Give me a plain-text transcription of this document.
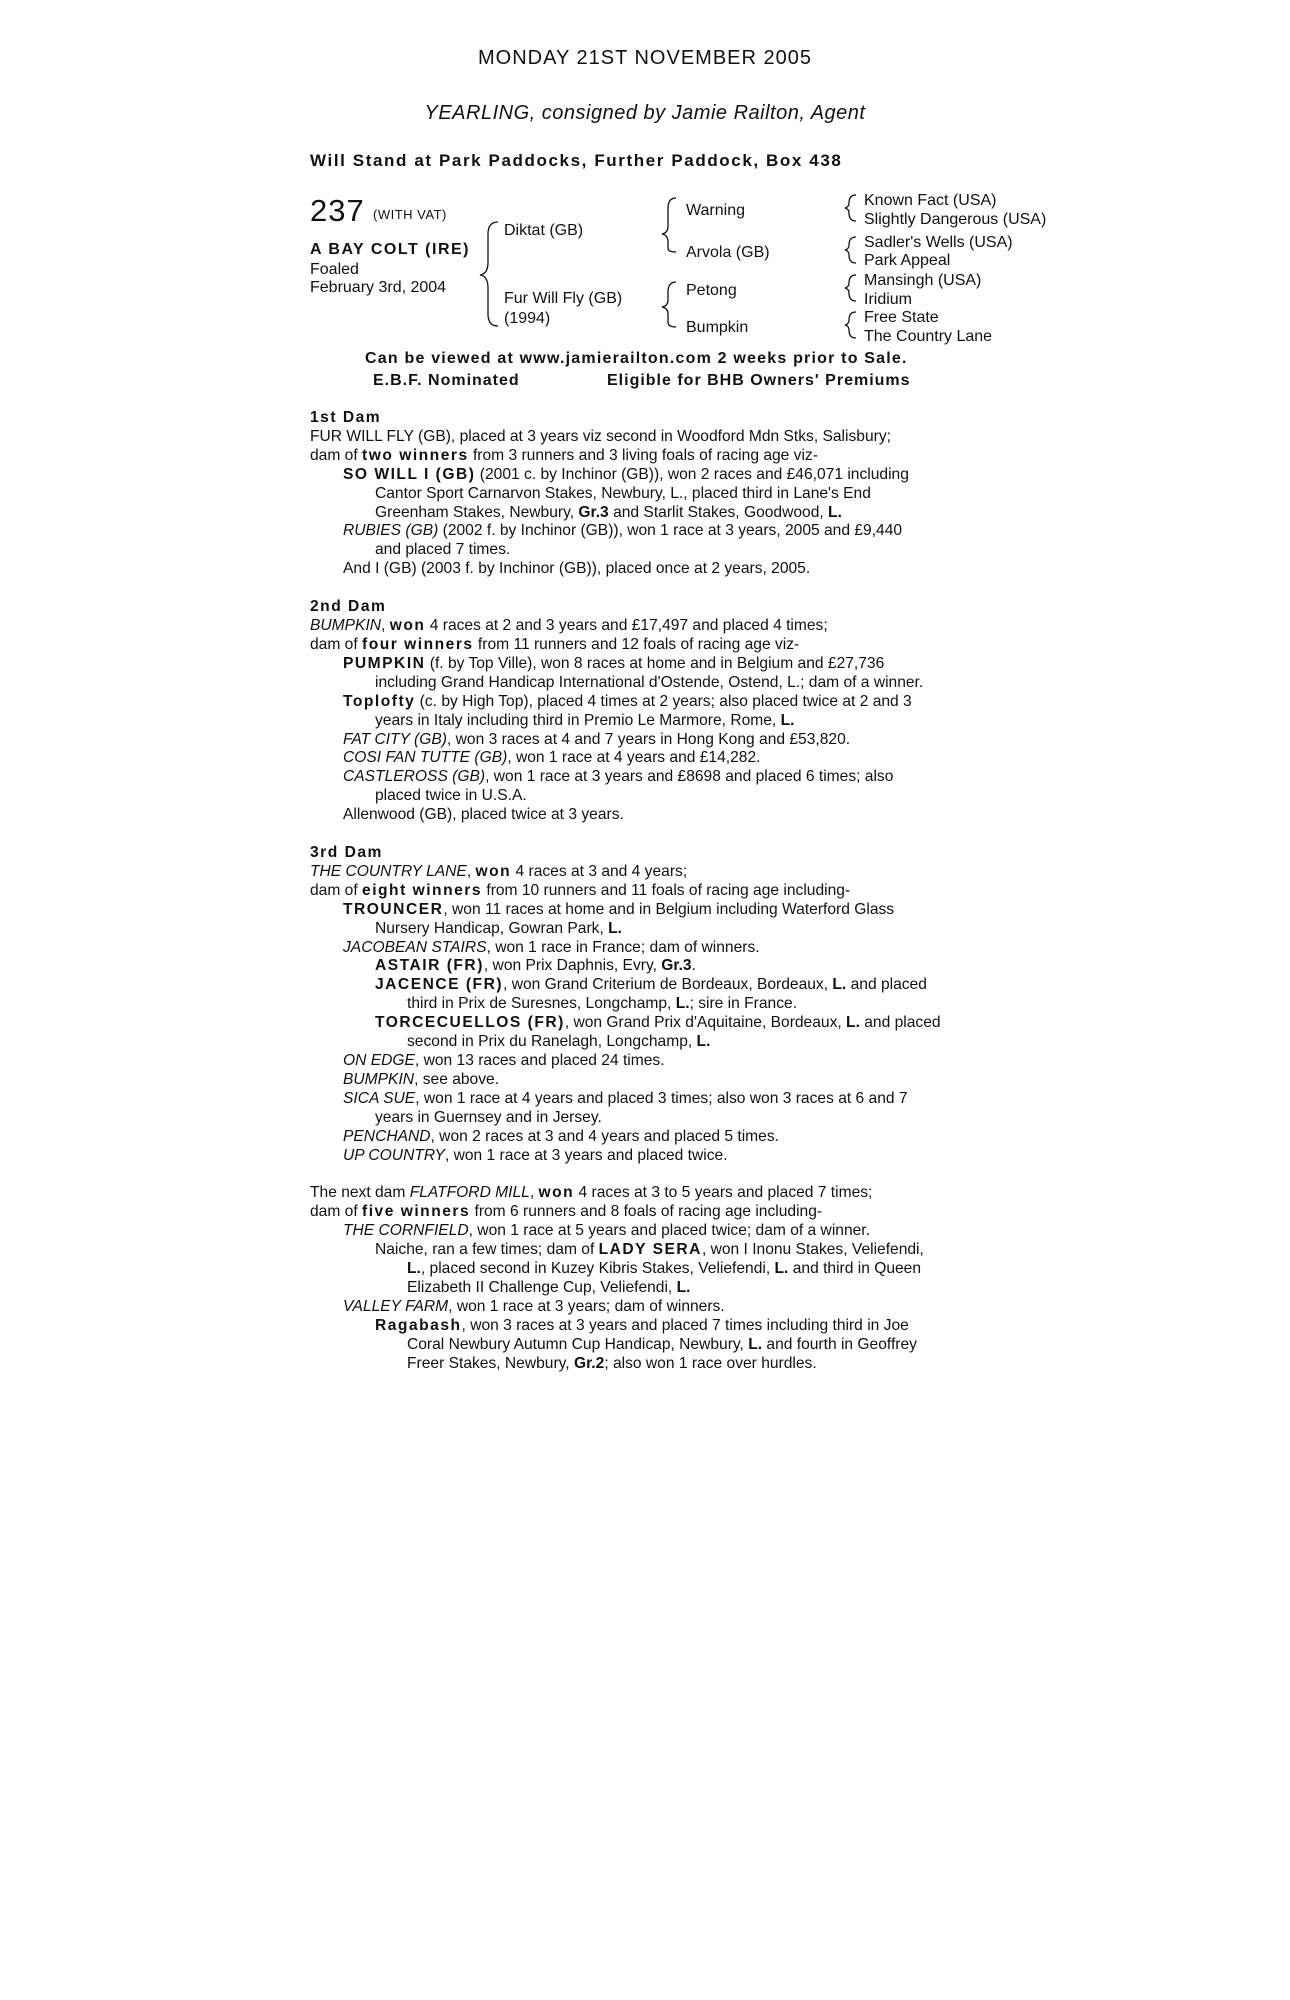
MONDAY 21ST NOVEMBER 2005
YEARLING, consigned by Jamie Railton, Agent
Will Stand at Park Paddocks, Further Paddock, Box 438
237 (WITH VAT)
A BAY COLT (IRE)
Foaled
February 3rd, 2004
Diktat (GB)
Fur Will Fly (GB)
(1994)
Warning
Arvola (GB)
Petong
Bumpkin
Known Fact (USA)
Slightly Dangerous (USA)
Sadler's Wells (USA)
Park Appeal
Mansingh (USA)
Iridium
Free State
The Country Lane
Can be viewed at www.jamierailton.com 2 weeks prior to Sale.
E.B.F. Nominated	Eligible for BHB Owners' Premiums

1st Dam

FUR WILL FLY (GB), placed at 3 years viz second in Woodford Mdn Stks, Salisbury;

dam of two winners from 3 runners and 3 living foals of racing age viz-

SO WILL I (GB) (2001 c. by Inchinor (GB)), won 2 races and £46,071 including

Cantor Sport Carnarvon Stakes, Newbury, L., placed third in Lane's End

Greenham Stakes, Newbury, Gr.3 and Starlit Stakes, Goodwood, L.

RUBIES (GB) (2002 f. by Inchinor (GB)), won 1 race at 3 years, 2005 and £9,440

and placed 7 times.

And I (GB) (2003 f. by Inchinor (GB)), placed once at 2 years, 2005.

2nd Dam

BUMPKIN, won 4 races at 2 and 3 years and £17,497 and placed 4 times;

dam of four winners from 11 runners and 12 foals of racing age viz-

PUMPKIN (f. by Top Ville), won 8 races at home and in Belgium and £27,736

including Grand Handicap International d'Ostende, Ostend, L.; dam of a winner.

Toplofty (c. by High Top), placed 4 times at 2 years; also placed twice at 2 and 3

years in Italy including third in Premio Le Marmore, Rome, L.

FAT CITY (GB), won 3 races at 4 and 7 years in Hong Kong and £53,820.

COSI FAN TUTTE (GB), won 1 race at 4 years and £14,282.

CASTLEROSS (GB), won 1 race at 3 years and £8698 and placed 6 times; also

placed twice in U.S.A.

Allenwood (GB), placed twice at 3 years.

3rd Dam

THE COUNTRY LANE, won 4 races at 3 and 4 years;

dam of eight winners from 10 runners and 11 foals of racing age including-

TROUNCER, won 11 races at home and in Belgium including Waterford Glass

Nursery Handicap, Gowran Park, L.

JACOBEAN STAIRS, won 1 race in France; dam of winners.

ASTAIR (FR), won Prix Daphnis, Evry, Gr.3.

JACENCE (FR), won Grand Criterium de Bordeaux, Bordeaux, L. and placed

third in Prix de Suresnes, Longchamp, L.; sire in France.

TORCECUELLOS (FR), won Grand Prix d'Aquitaine, Bordeaux, L. and placed

second in Prix du Ranelagh, Longchamp, L.

ON EDGE, won 13 races and placed 24 times.

BUMPKIN, see above.

SICA SUE, won 1 race at 4 years and placed 3 times; also won 3 races at 6 and 7

years in Guernsey and in Jersey.

PENCHAND, won 2 races at 3 and 4 years and placed 5 times.

UP COUNTRY, won 1 race at 3 years and placed twice.

The next dam FLATFORD MILL, won 4 races at 3 to 5 years and placed 7 times;

dam of five winners from 6 runners and 8 foals of racing age including-

THE CORNFIELD, won 1 race at 5 years and placed twice; dam of a winner.

Naiche, ran a few times; dam of LADY SERA, won I Inonu Stakes, Veliefendi,

L., placed second in Kuzey Kibris Stakes, Veliefendi, L. and third in Queen

Elizabeth II Challenge Cup, Veliefendi, L.

VALLEY FARM, won 1 race at 3 years; dam of winners.

Ragabash, won 3 races at 3 years and placed 7 times including third in Joe

Coral Newbury Autumn Cup Handicap, Newbury, L. and fourth in Geoffrey

Freer Stakes, Newbury, Gr.2; also won 1 race over hurdles.
